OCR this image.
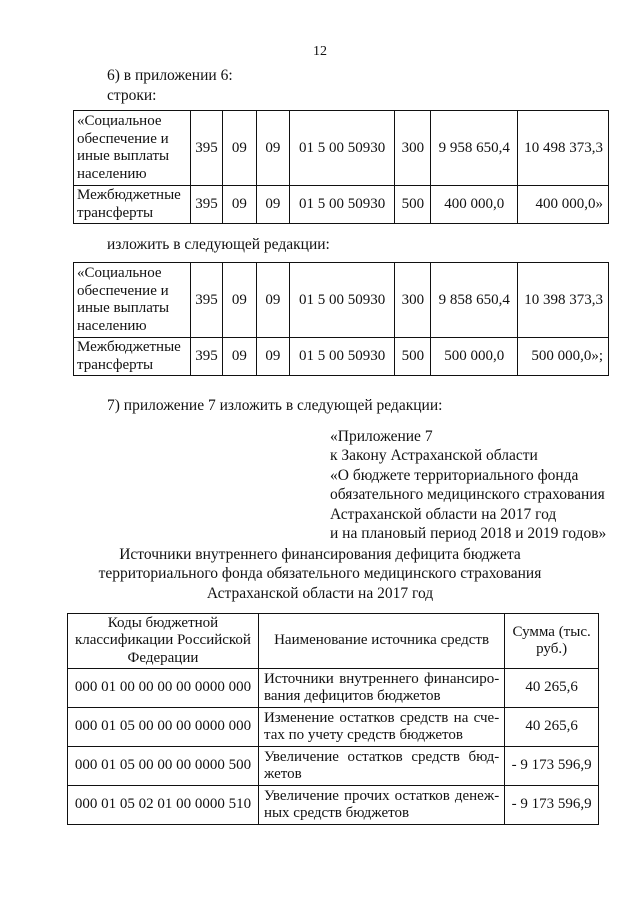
12
6) в приложении 6:
строки:
«Социальное обеспечение и иные выплаты населению	395	09	09	01 5 00 50930	300	9 958 650,4	10 498 373,3
Межбюджетные трансферты	395	09	09	01 5 00 50930	500	400 000,0	400 000,0»
изложить в следующей редакции:
«Социальное обеспечение и иные выплаты населению	395	09	09	01 5 00 50930	300	9 858 650,4	10 398 373,3
Межбюджетные трансферты	395	09	09	01 5 00 50930	500	500 000,0	500 000,0»;
7) приложение 7 изложить в следующей редакции:
«Приложение 7
к Закону Астраханской области
«О бюджете территориального фонда
обязательного медицинского страхования
Астраханской области на 2017 год
и на плановый период 2018 и 2019 годов»
Источники внутреннего финансирования дефицита бюджета
территориального фонда обязательного медицинского страхования
Астраханской области на 2017 год
Коды бюджетной классификации Российской Федерации	Наименование источника средств	Сумма (тыс. руб.)
000 01 00 00 00 00 0000 000	Источники внутреннего финансиро- вания дефицитов бюджетов	40 265,6
000 01 05 00 00 00 0000 000	Изменение остатков средств на сче- тах по учету средств бюджетов	40 265,6
000 01 05 00 00 00 0000 500	Увеличение остатков средств бюд- жетов	- 9 173 596,9
000 01 05 02 01 00 0000 510	Увеличение прочих остатков денеж- ных средств бюджетов	- 9 173 596,9
